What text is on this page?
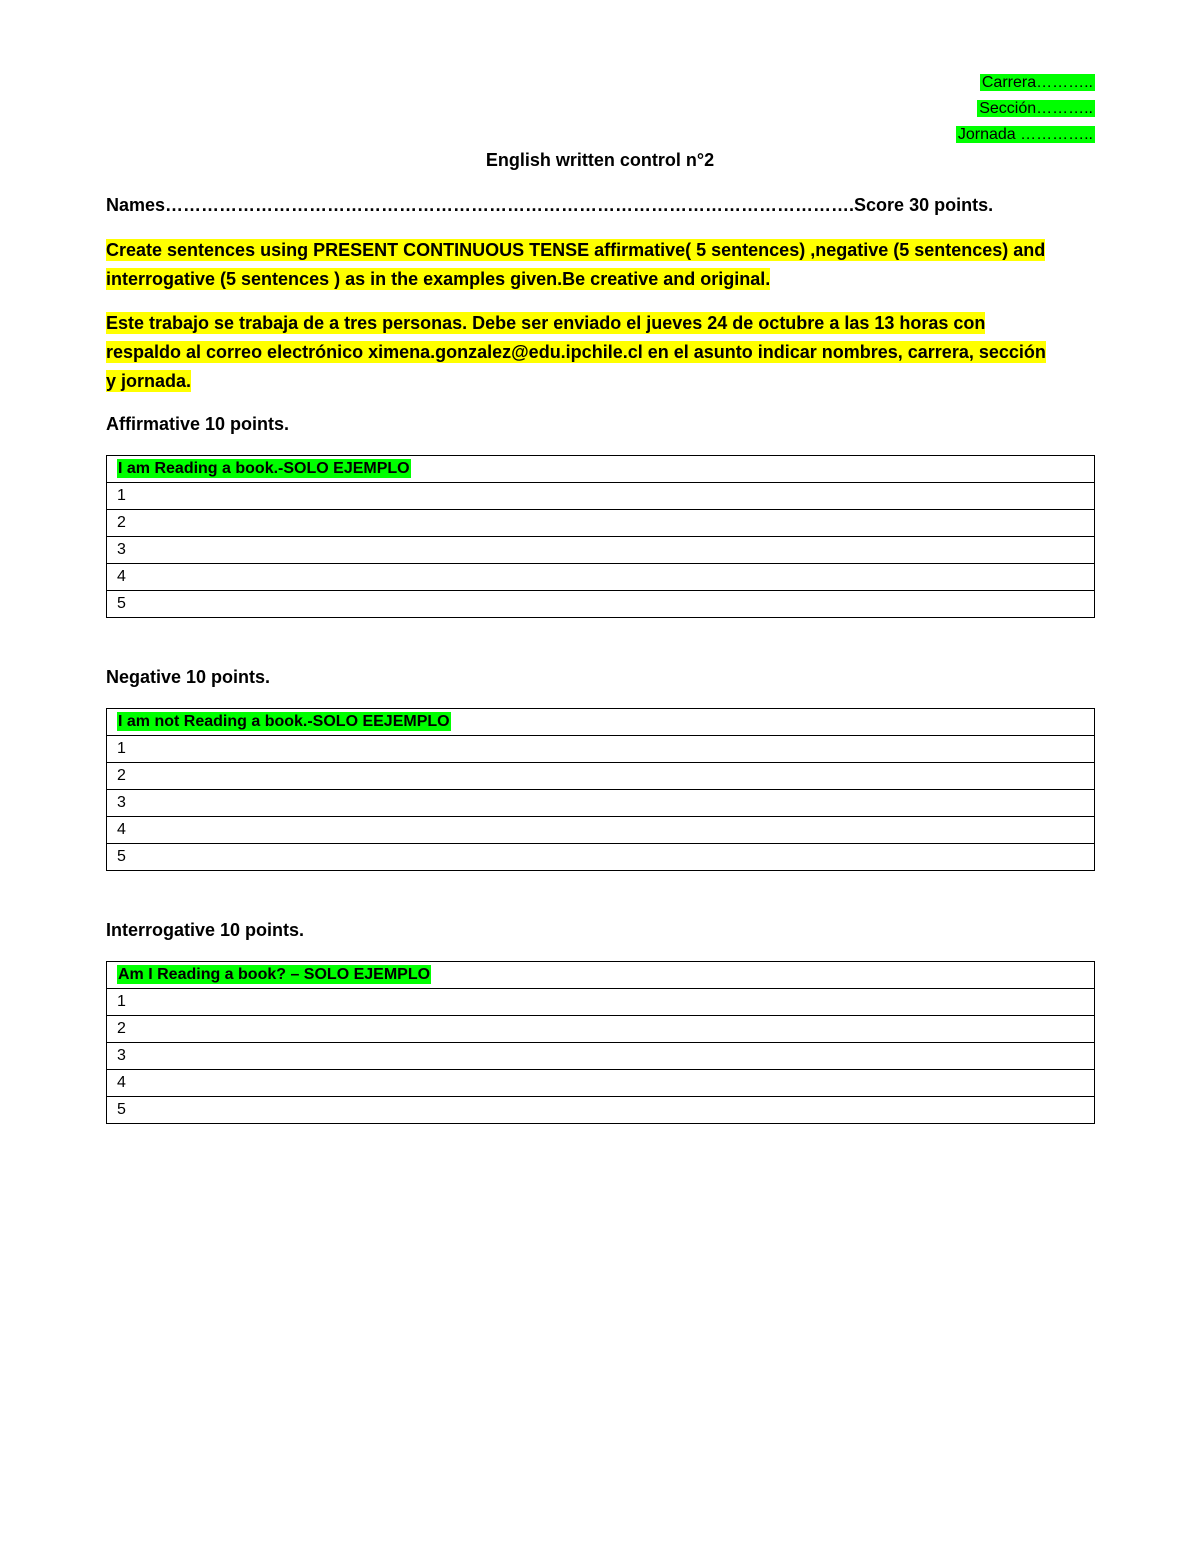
Carrera………..
Sección………..
Jornada …………..
English written control n°2
Names…………………………………………………………………………………………………….Score 30 points.
Create sentences using PRESENT CONTINUOUS TENSE affirmative( 5 sentences) ,negative (5 sentences) and
interrogative (5 sentences ) as in the examples given.Be creative and original.
Este trabajo se trabaja de a tres personas. Debe ser enviado el jueves 24 de octubre a las 13 horas con
respaldo al correo electrónico ximena.gonzalez@edu.ipchile.cl en el asunto indicar nombres, carrera, sección
y jornada.
Affirmative 10 points.
I am Reading a book.-SOLO EJEMPLO
1
2
3
4
5
Negative 10 points.
I am not Reading a book.-SOLO EEJEMPLO
1
2
3
4
5
Interrogative 10 points.
Am I Reading a book? – SOLO EJEMPLO
1
2
3
4
5
